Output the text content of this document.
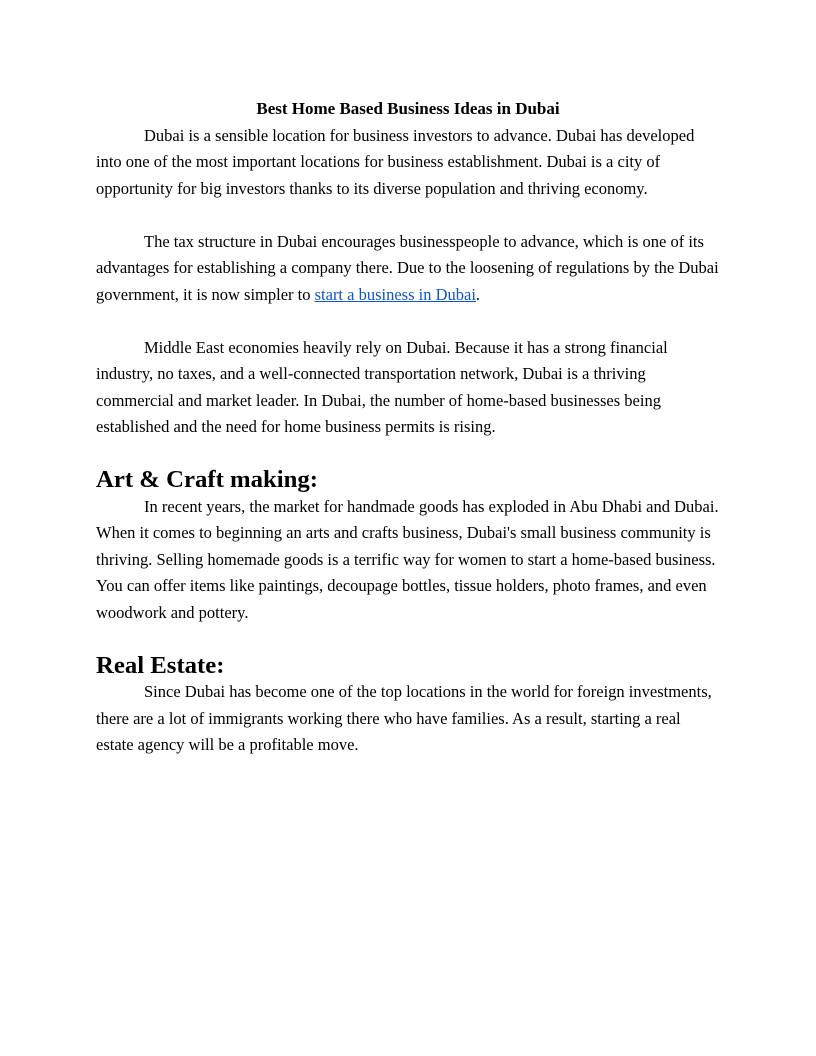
Best Home Based Business Ideas in Dubai

Dubai is a sensible location for business investors to advance. Dubai has developed into one of the most important locations for business establishment. Dubai is a city of opportunity for big investors thanks to its diverse population and thriving economy.

The tax structure in Dubai encourages businesspeople to advance, which is one of its advantages for establishing a company there. Due to the loosening of regulations by the Dubai government, it is now simpler to start a business in Dubai.

Middle East economies heavily rely on Dubai. Because it has a strong financial industry, no taxes, and a well-connected transportation network, Dubai is a thriving commercial and market leader. In Dubai, the number of home-based businesses being established and the need for home business permits is rising.

Art & Craft making:

In recent years, the market for handmade goods has exploded in Abu Dhabi and Dubai. When it comes to beginning an arts and crafts business, Dubai's small business community is thriving. Selling homemade goods is a terrific way for women to start a home-based business. You can offer items like paintings, decoupage bottles, tissue holders, photo frames, and even woodwork and pottery.

Real Estate:

Since Dubai has become one of the top locations in the world for foreign investments, there are a lot of immigrants working there who have families. As a result, starting a real estate agency will be a profitable move.
